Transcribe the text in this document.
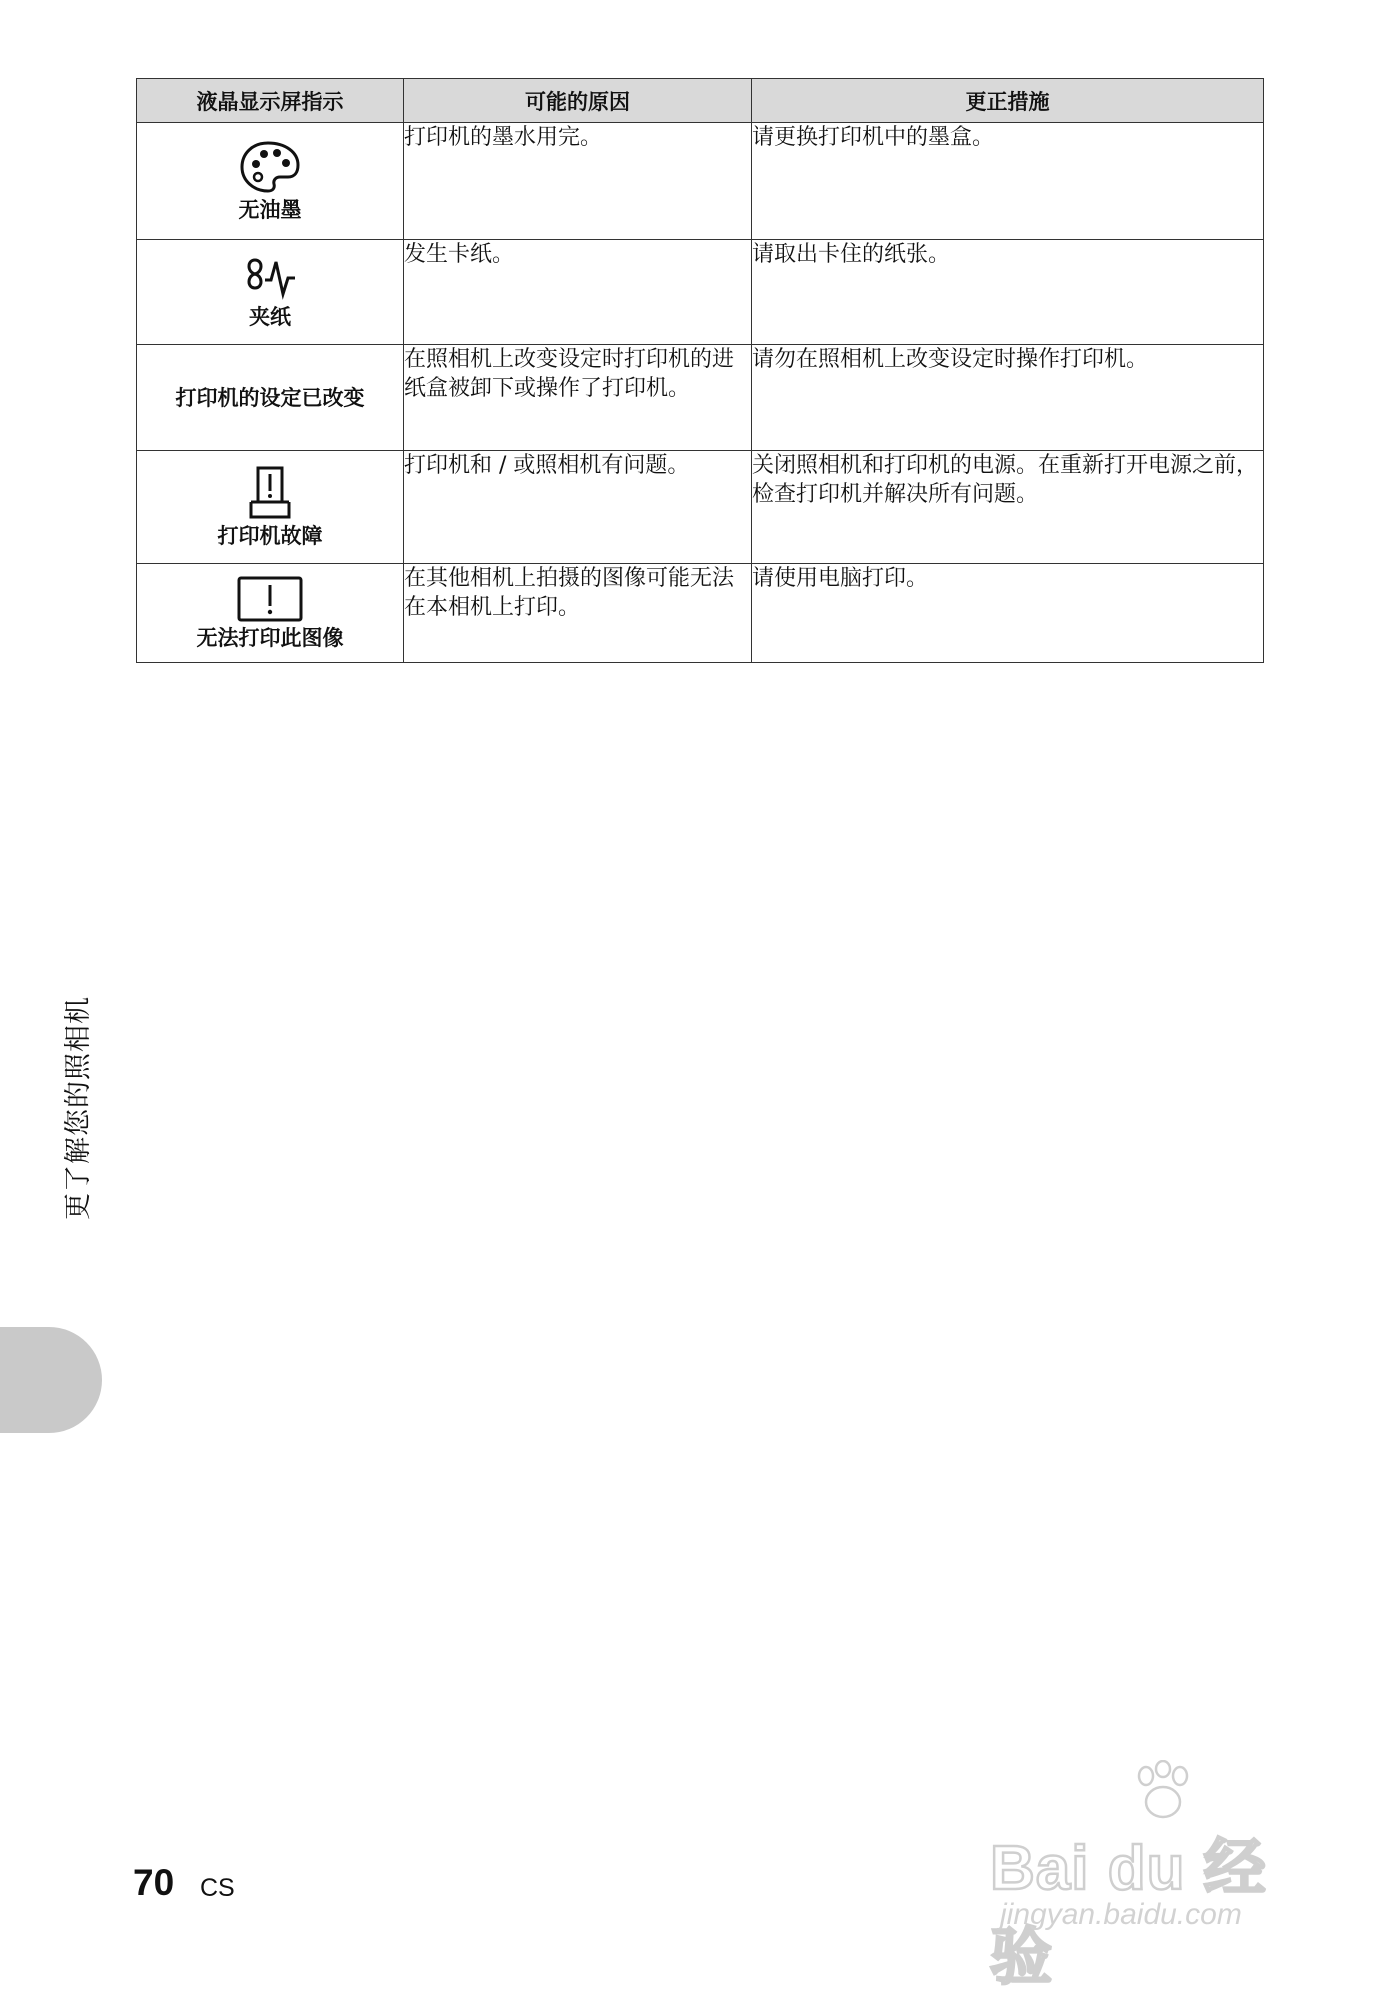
液晶显示屏指示	可能的原因	更正措施

无油墨	打印机的墨水用完。	请更换打印机中的墨盒。

夹纸	发生卡纸。	请取出卡住的纸张。

打印机的设定已改变	在照相机上改变设定时打印机的进纸盒被卸下或操作了打印机。	请勿在照相机上改变设定时操作打印机。

打印机故障	打印机和 / 或照相机有问题。	关闭照相机和打印机的电源。在重新打开电源之前，检查打印机并解决所有问题。

无法打印此图像	在其他相机上拍摄的图像可能无法在本相机上打印。	请使用电脑打印。
更了解您的照相机
70 CS	Bai du 经验
jingyan.baidu.com
